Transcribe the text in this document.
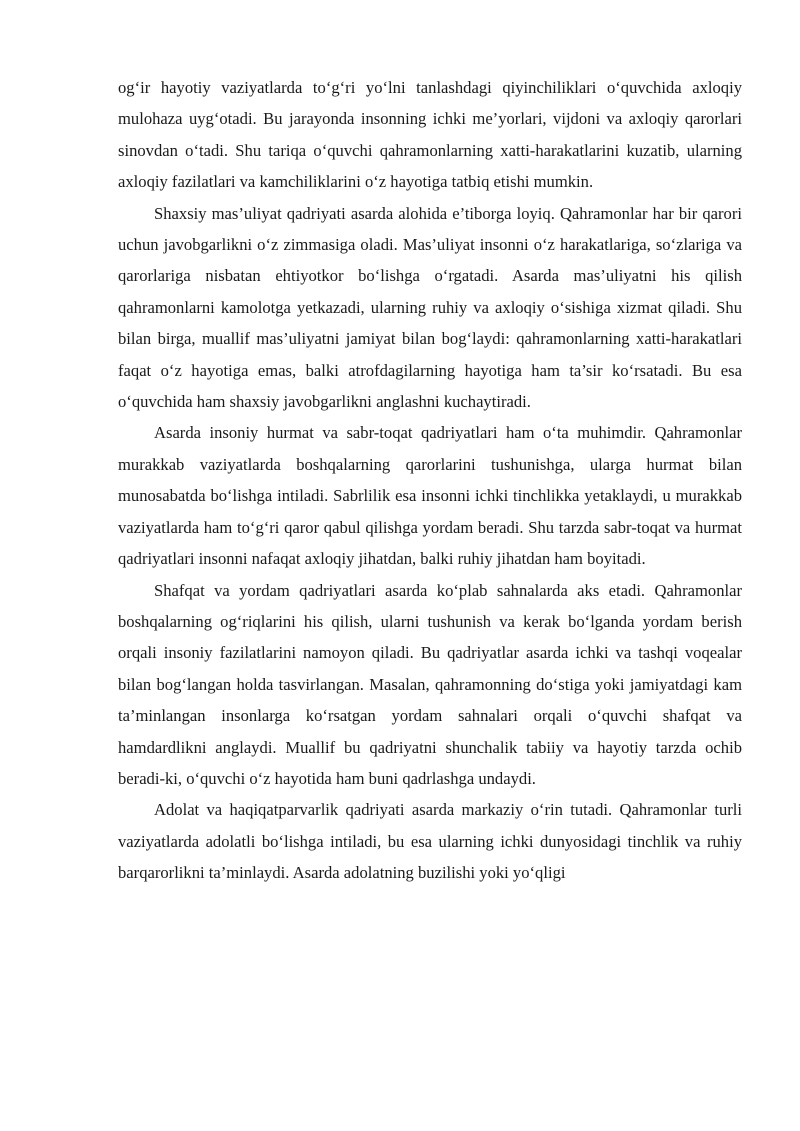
og‘ir hayotiy vaziyatlarda to‘g‘ri yo‘lni tanlashdagi qiyinchiliklari o‘quvchida axloqiy mulohaza uyg‘otadi. Bu jarayonda insonning ichki me’yorlari, vijdoni va axloqiy qarorlari sinovdan o‘tadi. Shu tariqa o‘quvchi qahramonlarning xatti-harakatlarini kuzatib, ularning axloqiy fazilatlari va kamchiliklarini o‘z hayotiga tatbiq etishi mumkin.

Shaxsiy mas’uliyat qadriyati asarda alohida e’tiborga loyiq. Qahramonlar har bir qarori uchun javobgarlikni o‘z zimmasiga oladi. Mas’uliyat insonni o‘z harakatlariga, so‘zlariga va qarorlariga nisbatan ehtiyotkor bo‘lishga o‘rgatadi. Asarda mas’uliyatni his qilish qahramonlarni kamolotga yetkazadi, ularning ruhiy va axloqiy o‘sishiga xizmat qiladi. Shu bilan birga, muallif mas’uliyatni jamiyat bilan bog‘laydi: qahramonlarning xatti-harakatlari faqat o‘z hayotiga emas, balki atrofdagilarning hayotiga ham ta’sir ko‘rsatadi. Bu esa o‘quvchida ham shaxsiy javobgarlikni anglashni kuchaytiradi.

Asarda insoniy hurmat va sabr-toqat qadriyatlari ham o‘ta muhimdir. Qahramonlar murakkab vaziyatlarda boshqalarning qarorlarini tushunishga, ularga hurmat bilan munosabatda bo‘lishga intiladi. Sabrlilik esa insonni ichki tinchlikka yetaklaydi, u murakkab vaziyatlarda ham to‘g‘ri qaror qabul qilishga yordam beradi. Shu tarzda sabr-toqat va hurmat qadriyatlari insonni nafaqat axloqiy jihatdan, balki ruhiy jihatdan ham boyitadi.

Shafqat va yordam qadriyatlari asarda ko‘plab sahnalarda aks etadi. Qahramonlar boshqalarning og‘riqlarini his qilish, ularni tushunish va kerak bo‘lganda yordam berish orqali insoniy fazilatlarini namoyon qiladi. Bu qadriyatlar asarda ichki va tashqi voqealar bilan bog‘langan holda tasvirlangan. Masalan, qahramonning do‘stiga yoki jamiyatdagi kam ta’minlangan insonlarga ko‘rsatgan yordam sahnalari orqali o‘quvchi shafqat va hamdardlikni anglaydi. Muallif bu qadriyatni shunchalik tabiiy va hayotiy tarzda ochib beradi-ki, o‘quvchi o‘z hayotida ham buni qadrlashga undaydi.

Adolat va haqiqatparvarlik qadriyati asarda markaziy o‘rin tutadi. Qahramonlar turli vaziyatlarda adolatli bo‘lishga intiladi, bu esa ularning ichki dunyosidagi tinchlik va ruhiy barqarorlikni ta’minlaydi. Asarda adolatning buzilishi yoki yo‘qligi
